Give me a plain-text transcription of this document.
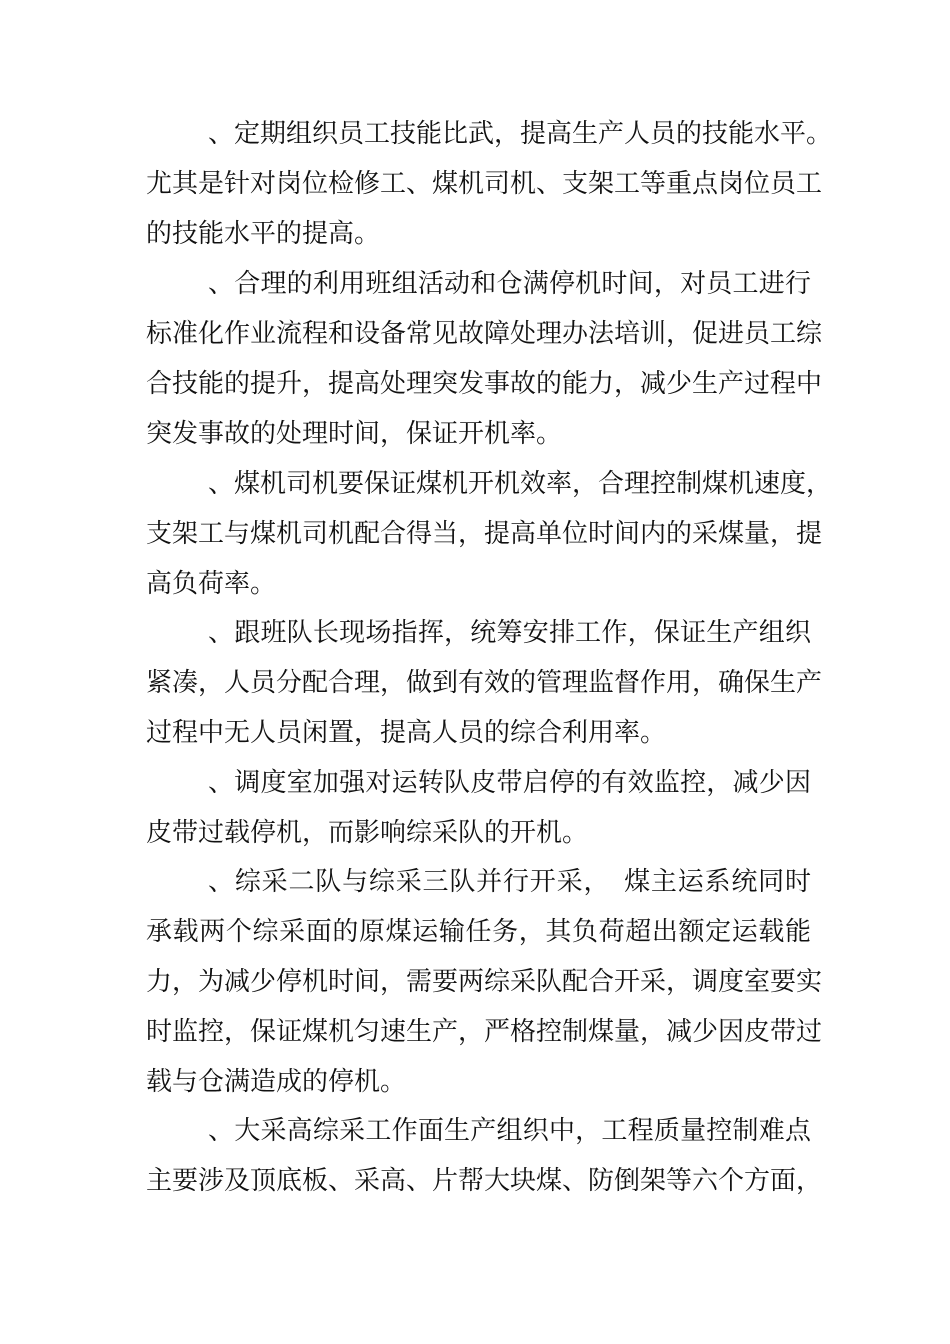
、定期组织员工技能比武，提高生产人员的技能水平。
尤其是针对岗位检修工、煤机司机、支架工等重点岗位员工
的技能水平的提高。
、合理的利用班组活动和仓满停机时间，对员工进行
标准化作业流程和设备常见故障处理办法培训，促进员工综
合技能的提升，提高处理突发事故的能力，减少生产过程中
突发事故的处理时间，保证开机率。
、煤机司机要保证煤机开机效率，合理控制煤机速度，
支架工与煤机司机配合得当，提高单位时间内的采煤量，提
高负荷率。
、跟班队长现场指挥，统筹安排工作，保证生产组织
紧凑，人员分配合理，做到有效的管理监督作用，确保生产
过程中无人员闲置，提高人员的综合利用率。
、调度室加强对运转队皮带启停的有效监控，减少因
皮带过载停机，而影响综采队的开机。
、综采二队与综采三队并行开采，　煤主运系统同时
承载两个综采面的原煤运输任务，其负荷超出额定运载能
力，为减少停机时间，需要两综采队配合开采，调度室要实
时监控，保证煤机匀速生产，严格控制煤量，减少因皮带过
载与仓满造成的停机。
、大采高综采工作面生产组织中，工程质量控制难点
主要涉及顶底板、采高、片帮大块煤、防倒架等六个方面，
